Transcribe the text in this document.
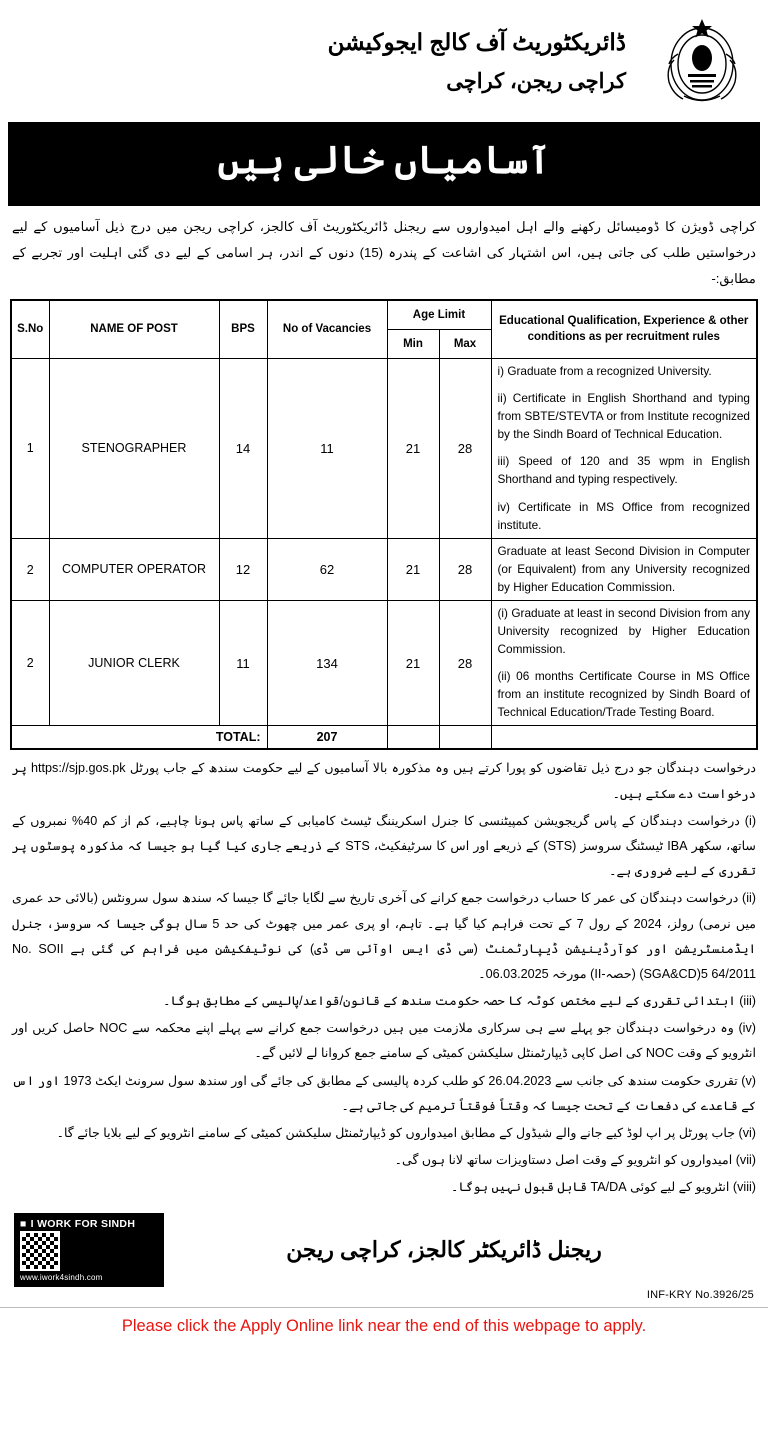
ڈائریکٹوریٹ آف کالج ایجوکیشن
کراچی ریجن، کراچی
آسامیاں خالی ہیں
کراچی ڈویژن کا ڈومیسائل رکھنے والے اہل امیدواروں سے ریجنل ڈائریکٹوریٹ آف کالجز، کراچی ریجن میں درج ذیل آسامیوں کے لیے درخواستیں طلب کی جاتی ہیں، اس اشتہار کی اشاعت کے پندرہ (15) دنوں کے اندر، ہر اسامی کے لیے دی گئی اہلیت اور تجربے کے مطابق:-
S.No	NAME OF POST	BPS	No of Vacancies	Age Limit		Educational Qualification, Experience & other conditions as per recruitment rules
				Min	Max	
1	STENOGRAPHER	14	11	21	28	i) Graduate from a recognized University.

ii) Certificate in English Shorthand and typing from SBTE/STEVTA or from Institute recognized by the Sindh Board of Technical Education.

iii) Speed of 120 and 35 wpm in English Shorthand and typing respectively.

iv) Certificate in MS Office from recognized institute.

2	COMPUTER OPERATOR	12	62	21	28	Graduate at least Second Division in Computer (or Equivalent) from any University recognized by Higher Education Commission.

2	JUNIOR CLERK	11	134	21	28	(i) Graduate at least in second Division from any University recognized by Higher Education Commission.

(ii) 06 months Certificate Course in MS Office from an institute recognized by Sindh Board of Technical Education/Trade Testing Board.

TOTAL:			207			
درخواست دہندگان جو درج ذیل تقاضوں کو پورا کرتے ہیں وہ مذکورہ بالا آسامیوں کے لیے حکومت سندھ کے جاب پورٹل https://sjp.gos.pk پر درخواست دے سکتے ہیں۔
(i) درخواست دہندگان کے پاس گریجویشن کمپیٹنسی کا جنرل اسکریننگ ٹیسٹ کامیابی کے ساتھ پاس ہونا چاہیے، کم از کم 40% نمبروں کے ساتھ، سکھر IBA ٹیسٹنگ سروسز (STS) کے ذریعے اور اس کا سرٹیفکیٹ، STS کے ذریعے جاری کیا گیا ہو جیسا کہ مذکورہ پوسٹوں پر تقرری کے لیے ضروری ہے۔
(ii) درخواست دہندگان کی عمر کا حساب درخواست جمع کرانے کی آخری تاریخ سے لگایا جائے گا جیسا کہ سندھ سول سرونٹس (بالائی حد عمری میں نرمی) رولز، 2024 کے رول 7 کے تحت فراہم کیا گیا ہے۔ تاہم، او پری عمر میں چھوٹ کی حد 5 سال ہوگی جیسا کہ سروسز، جنرل ایڈمنسٹریشن اور کوآرڈینیشن ڈیپارٹمنٹ (سی ڈی ایس اوآئی سی ڈی) کی نوٹیفکیشن میں فراہم کی گئی ہے No. SOII (SGA&CD)5 64/2011 (حصہ-II) مورخہ 06.03.2025۔
(iii) ابتدائی تقرری کے لیے مختص کوٹہ کا حصہ حکومت سندھ کے قانون/قواعد/پالیسی کے مطابق ہوگا۔
(iv) وہ درخواست دہندگان جو پہلے سے ہی سرکاری ملازمت میں ہیں درخواست جمع کرانے سے پہلے اپنے محکمہ سے NOC حاصل کریں اور انٹرویو کے وقت NOC کی اصل کاپی ڈیپارٹمنٹل سلیکشن کمیٹی کے سامنے جمع کروانا لے لائیں گے۔
(v) تقرری حکومت سندھ کی جانب سے 26.04.2023 کو طلب کردہ پالیسی کے مطابق کی جائے گی اور سندھ سول سرونٹ ایکٹ 1973 اور اس کے قاعدے کی دفعات کے تحت جیسا کہ وقتاً فوقتاً ترمیم کی جاتی ہے۔
(vi) جاب پورٹل پر اپ لوڈ کیے جانے والے شیڈول کے مطابق امیدواروں کو ڈیپارٹمنٹل سلیکشن کمیٹی کے سامنے انٹرویو کے لیے بلایا جائے گا۔
(vii) امیدواروں کو انٹرویو کے وقت اصل دستاویزات ساتھ لانا ہوں گی۔
(viii) انٹرویو کے لیے کوئی TA/DA قابل قبول نہیں ہوگا۔
■ I WORK FOR SINDH
www.iwork4sindh.com
ریجنل ڈائریکٹر کالجز، کراچی ریجن
INF-KRY No.3926/25
Please click the Apply Online link near the end of this webpage to apply.
